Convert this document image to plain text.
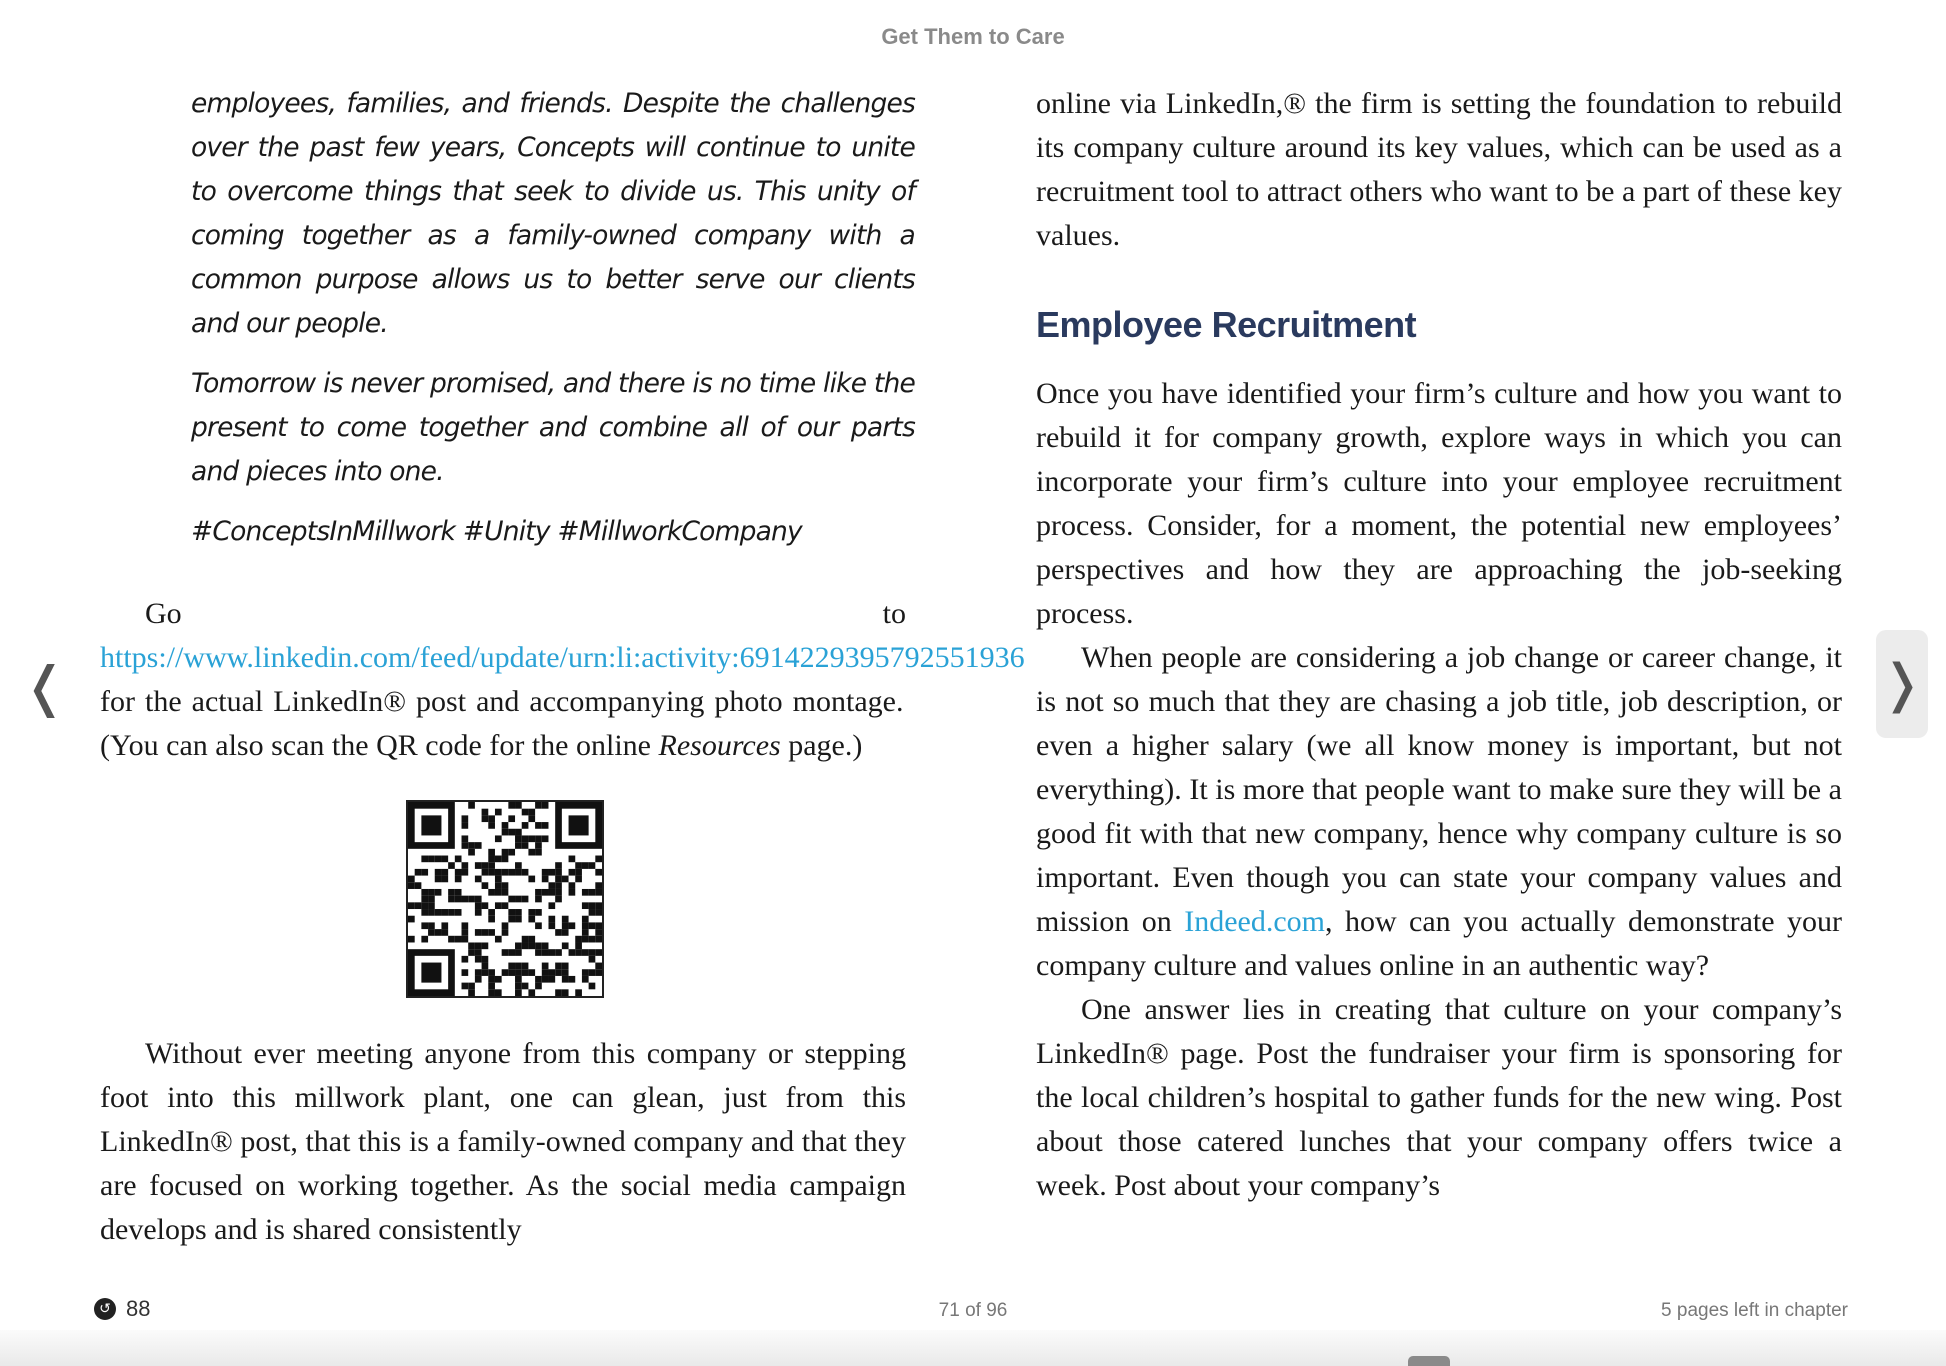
Get Them to Care

employees, families, and friends. Despite the challenges over the past few years, Concepts will continue to unite to overcome things that seek to divide us. This unity of coming together as a family-owned company with a common purpose allows us to better serve our clients and our people.

Tomorrow is never promised, and there is no time like the present to come together and combine all of our parts and pieces into one.

#ConceptsInMillwork #Unity #MillworkCompany

Go to https://www.linkedin.com/feed/update/urn:li:activity:6914229395792551936 for the actual LinkedIn® post and accompanying photo montage. (You can also scan the QR code for the online Resources page.)

Without ever meeting anyone from this company or stepping foot into this millwork plant, one can glean, just from this LinkedIn® post, that this is a family-owned company and that they are focused on working together. As the social media campaign develops and is shared consistently

online via LinkedIn,® the firm is setting the foundation to rebuild its company culture around its key values, which can be used as a recruitment tool to attract others who want to be a part of these key values.

Employee Recruitment

Once you have identified your firm’s culture and how you want to rebuild it for company growth, explore ways in which you can incorporate your firm’s culture into your employee recruitment process. Consider, for a moment, the potential new employees’ perspectives and how they are approaching the job-seeking process.

When people are considering a job change or career change, it is not so much that they are chasing a job title, job description, or even a higher salary (we all know money is important, but not everything). It is more that people want to make sure they will be a good fit with that new company, hence why company culture is so important. Even though you can state your company values and mission on Indeed.com, how can you actually demonstrate your company culture and values online in an authentic way?

One answer lies in creating that culture on your company’s LinkedIn® page. Post the fundraiser your firm is sponsoring for the local children’s hospital to gather funds for the new wing. Post about those catered lunches that your company offers twice a week. Post about your company’s

❬	❭
↺ 88	71 of 96	5 pages left in chapter
